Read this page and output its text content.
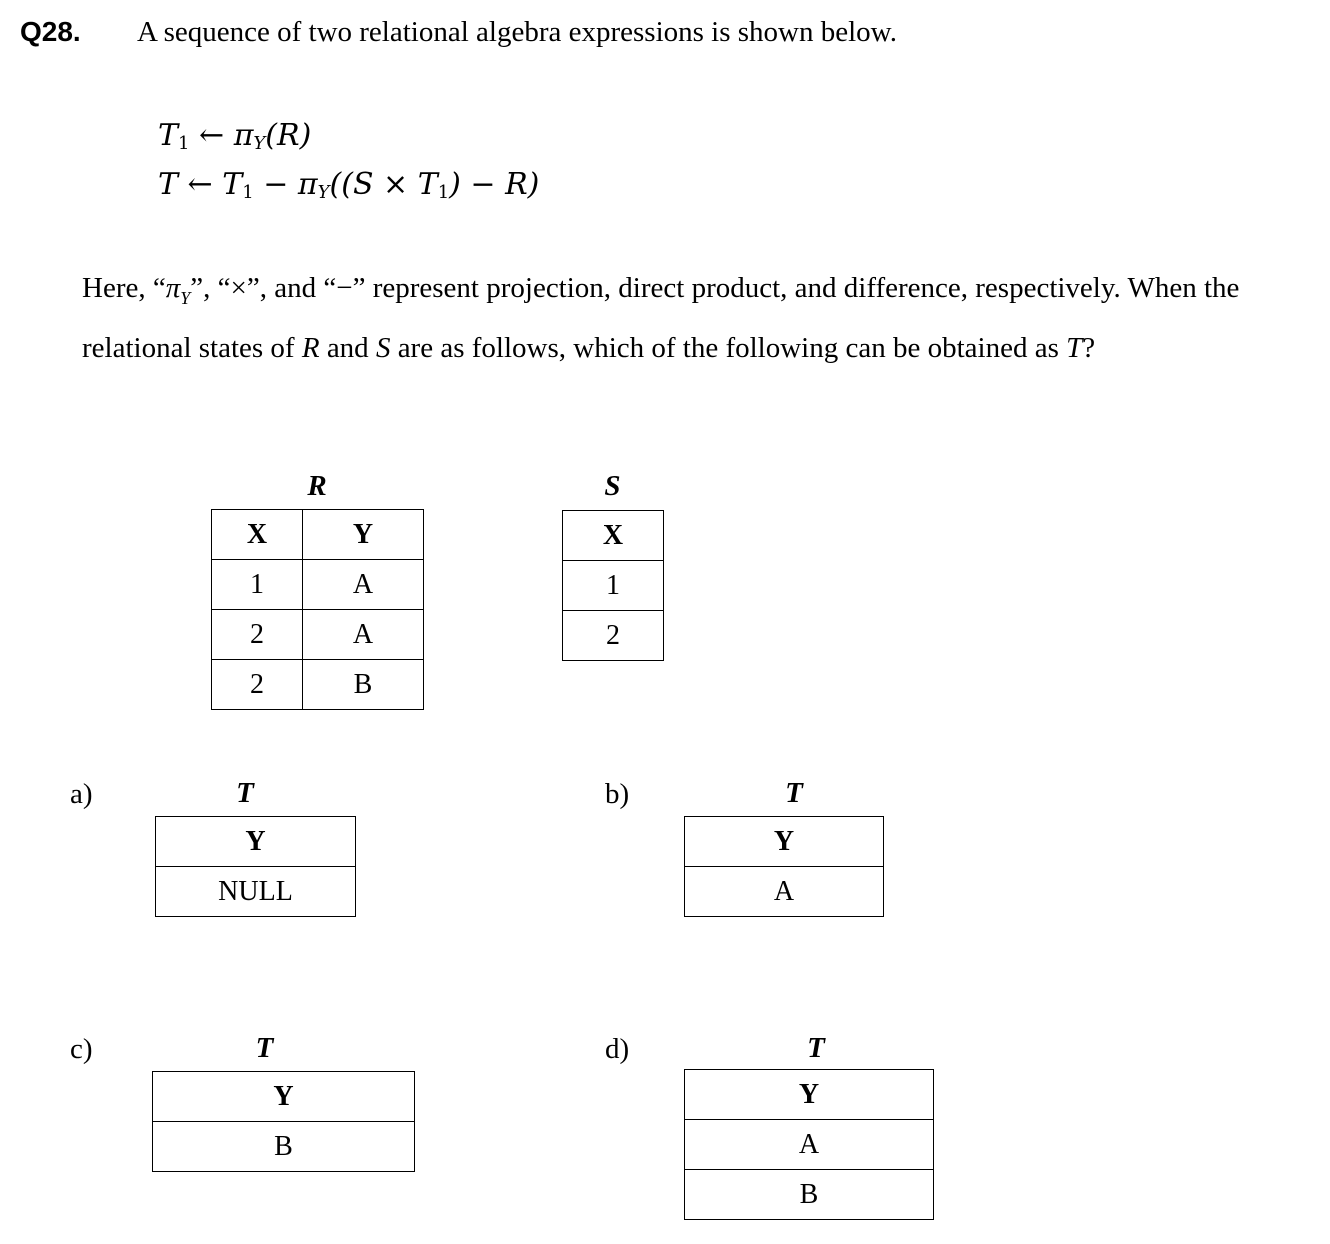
Q28. A sequence of two relational algebra expressions is shown below.
$T_1$ ← $\pi_Y(R)$
T ← $T_1 - \pi_Y((S \times T_1) - R)$
Here, “$\pi_Y$”, “×”, and “−” represent projection, direct product, and difference, respectively. When the relational states of R and S are as follows, which of the following can be obtained as T?
R
X	Y
1	A
2	A
2	B
S
X
1
2
a)	T
Y
NULL
b)	T
Y
A
c)	T
Y
B
d)	T
Y
A
B
